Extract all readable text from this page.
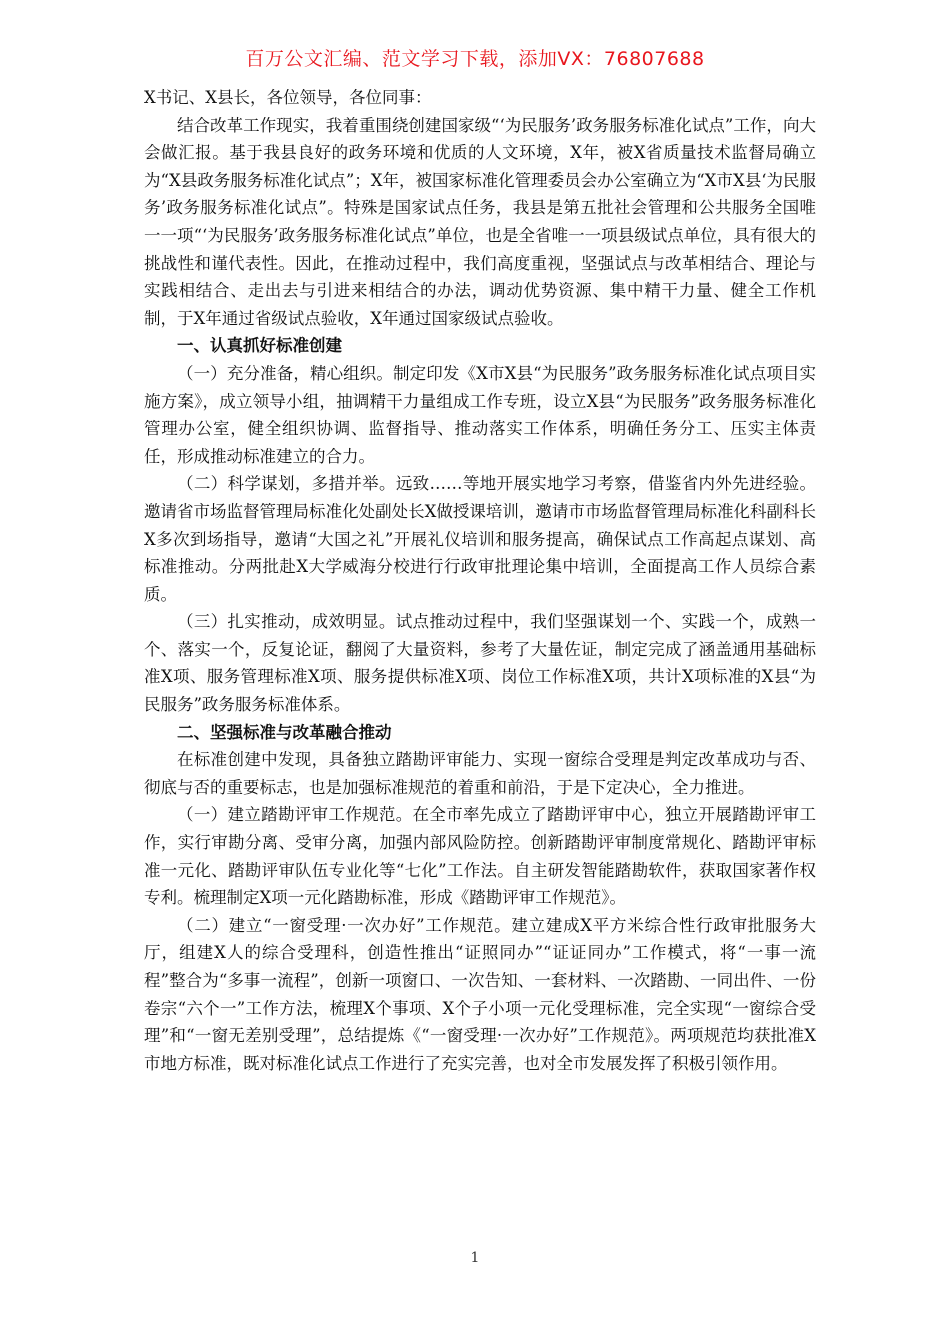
百万公文汇编、范文学习下载，添加VX：76807688

X书记、X县长，各位领导，各位同事：

结合改革工作现实，我着重围绕创建国家级“‘为民服务’政务服务标准化试点”工作，向大会做汇报。基于我县良好的政务环境和优质的人文环境，X年，被X省质量技术监督局确立为“X县政务服务标准化试点”；X年，被国家标准化管理委员会办公室确立为“X市X县‘为民服务’政务服务标准化试点”。特殊是国家试点任务，我县是第五批社会管理和公共服务全国唯一一项“‘为民服务’政务服务标准化试点”单位，也是全省唯一一项县级试点单位，具有很大的挑战性和谨代表性。因此，在推动过程中，我们高度重视，坚强试点与改革相结合、理论与实践相结合、走出去与引进来相结合的办法，调动优势资源、集中精干力量、健全工作机制，于X年通过省级试点验收，X年通过国家级试点验收。

一、认真抓好标准创建

（一）充分准备，精心组织。制定印发《X市X县“为民服务”政务服务标准化试点项目实施方案》，成立领导小组，抽调精干力量组成工作专班，设立X县“为民服务”政务服务标准化管理办公室，健全组织协调、监督指导、推动落实工作体系，明确任务分工、压实主体责任，形成推动标准建立的合力。

（二）科学谋划，多措并举。远致……等地开展实地学习考察，借鉴省内外先进经验。邀请省市场监督管理局标准化处副处长X做授课培训，邀请市市场监督管理局标准化科副科长X多次到场指导，邀请“大国之礼”开展礼仪培训和服务提高，确保试点工作高起点谋划、高标准推动。分两批赴X大学威海分校进行行政审批理论集中培训，全面提高工作人员综合素质。

（三）扎实推动，成效明显。试点推动过程中，我们坚强谋划一个、实践一个，成熟一个、落实一个，反复论证，翻阅了大量资料，参考了大量佐证，制定完成了涵盖通用基础标准X项、服务管理标准X项、服务提供标准X项、岗位工作标准X项，共计X项标准的X县“为民服务”政务服务标准体系。

二、坚强标准与改革融合推动

在标准创建中发现，具备独立踏勘评审能力、实现一窗综合受理是判定改革成功与否、彻底与否的重要标志，也是加强标准规范的着重和前沿，于是下定决心，全力推进。

（一）建立踏勘评审工作规范。在全市率先成立了踏勘评审中心，独立开展踏勘评审工作，实行审勘分离、受审分离，加强内部风险防控。创新踏勘评审制度常规化、踏勘评审标准一元化、踏勘评审队伍专业化等“七化”工作法。自主研发智能踏勘软件，获取国家著作权专利。梳理制定X项一元化踏勘标准，形成《踏勘评审工作规范》。

（二）建立“一窗受理·一次办好”工作规范。建立建成X平方米综合性行政审批服务大厅，组建X人的综合受理科，创造性推出“证照同办”“证证同办”工作模式，将“一事一流程”整合为“多事一流程”，创新一项窗口、一次告知、一套材料、一次踏勘、一同出件、一份卷宗“六个一”工作方法，梳理X个事项、X个子小项一元化受理标准，完全实现“一窗综合受理”和“一窗无差别受理”，总结提炼《“一窗受理·一次办好”工作规范》。两项规范均获批准X市地方标准，既对标准化试点工作进行了充实完善，也对全市发展发挥了积极引领作用。

1
